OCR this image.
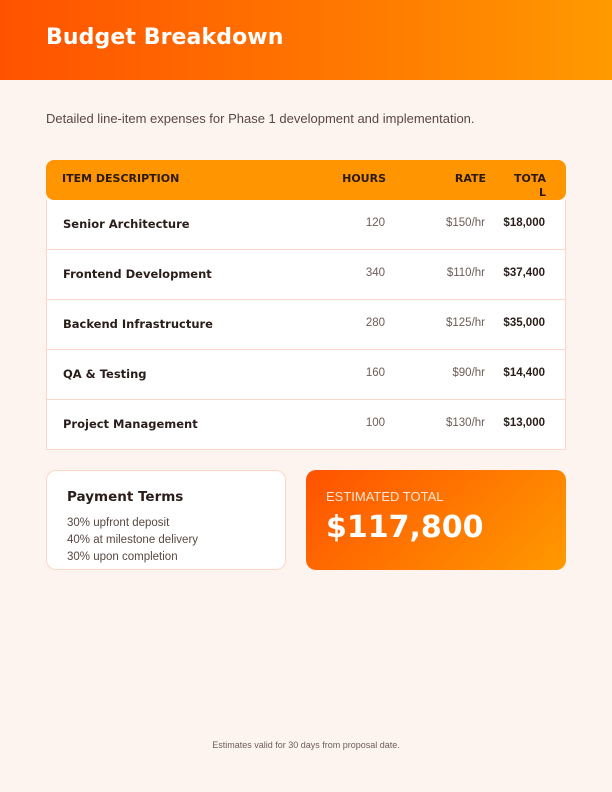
Budget Breakdown

Detailed line-item expenses for Phase 1 development and implementation.

ITEM DESCRIPTION	HOURS	RATE	TOTAL
Senior Architecture	120	$150/hr $18,000
Frontend Development	340	$110/hr $37,400
Backend Infrastructure	280	$125/hr $35,000
QA & Testing	160	$90/hr $14,400
Project Management	100	$130/hr $13,000
Payment Terms
30% upfront deposit
40% at milestone delivery
30% upon completion
ESTIMATED TOTAL
$117,800

Estimates valid for 30 days from proposal date.
